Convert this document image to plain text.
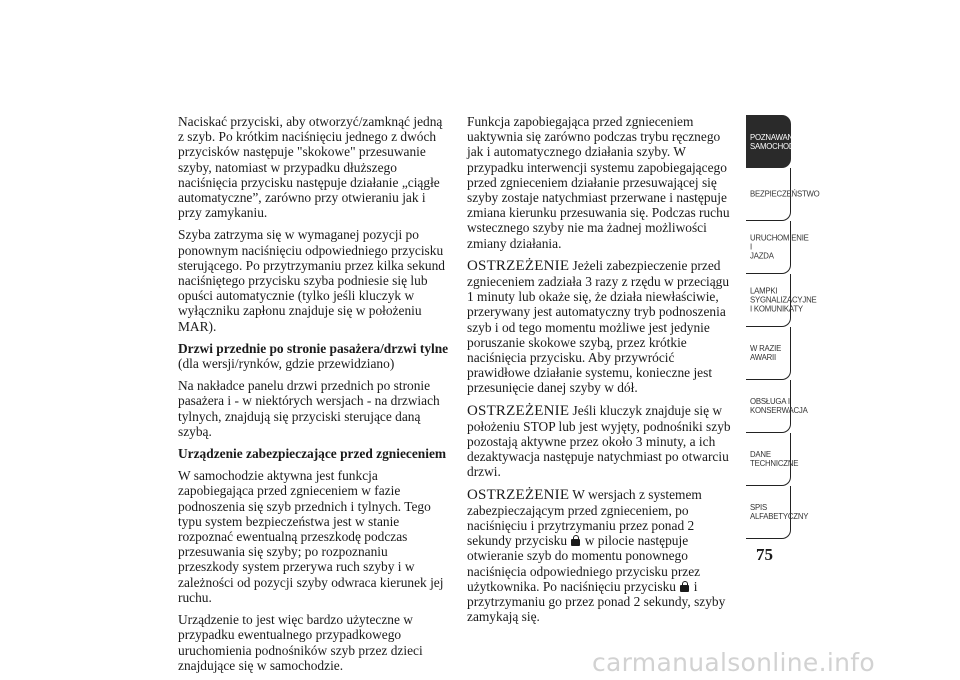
Naciskać przyciski, aby otworzyć/zamknąć jedną z szyb. Po krótkim naciśnięciu jednego z dwóch przycisków następuje "skokowe" przesuwanie szyby, natomiast w przypadku dłuższego naciśnięcia przycisku następuje działanie „ciągłe automatyczne”, zarówno przy otwieraniu jak i przy zamykaniu.

Szyba zatrzyma się w wymaganej pozycji po ponownym naciśnięciu odpowiedniego przycisku sterującego. Po przytrzymaniu przez kilka sekund naciśniętego przycisku szyba podniesie się lub opuści automatycznie (tylko jeśli kluczyk w wyłączniku zapłonu znajduje się w położeniu MAR).

Drzwi przednie po stronie pasażera/drzwi tylne

(dla wersji/rynków, gdzie przewidziano)

Na nakładce panelu drzwi przednich po stronie pasażera i - w niektórych wersjach - na drzwiach tylnych, znajdują się przyciski sterujące daną szybą.

Urządzenie zabezpieczające przed zgnieceniem

W samochodzie aktywna jest funkcja zapobiegająca przed zgnieceniem w fazie podnoszenia się szyb przednich i tylnych. Tego typu system bezpieczeństwa jest w stanie rozpoznać ewentualną przeszkodę podczas przesuwania się szyby; po rozpoznaniu przeszkody system przerywa ruch szyby i w zależności od pozycji szyby odwraca kierunek jej ruchu.

Urządzenie to jest więc bardzo użyteczne w przypadku ewentualnego przypadkowego uruchomienia podnośników szyb przez dzieci znajdujące się w samochodzie.

Funkcja zapobiegająca przed zgnieceniem uaktywnia się zarówno podczas trybu ręcznego jak i automatycznego działania szyby. W przypadku interwencji systemu zapobiegającego przed zgnieceniem działanie przesuwającej się szyby zostaje natychmiast przerwane i następuje zmiana kierunku przesuwania się. Podczas ruchu wstecznego szyby nie ma żadnej możliwości zmiany działania.

OSTRZEŻENIE Jeżeli zabezpieczenie przed zgnieceniem zadziała 3 razy z rzędu w przeciągu 1 minuty lub okaże się, że działa niewłaściwie, przerywany jest automatyczny tryb podnoszenia szyb i od tego momentu możliwe jest jedynie poruszanie skokowe szybą, przez krótkie naciśnięcia przycisku. Aby przywrócić prawidłowe działanie systemu, konieczne jest przesunięcie danej szyby w dół.

OSTRZEŻENIE Jeśli kluczyk znajduje się w położeniu STOP lub jest wyjęty, podnośniki szyb pozostają aktywne przez około 3 minuty, a ich dezaktywacja następuje natychmiast po otwarciu drzwi.

OSTRZEŻENIE W wersjach z systemem zabezpieczającym przed zgnieceniem, po naciśnięciu i przytrzymaniu przez ponad 2 sekundy przycisku w pilocie następuje otwieranie szyb do momentu ponownego naciśnięcia odpowiedniego przycisku przez użytkownika. Po naciśnięciu przycisku i przytrzymaniu go przez ponad 2 sekundy, szyby zamykają się.

POZNAWANIE
SAMOCHODU
BEZPIECZEŃSTWO
URUCHOMIENIE I
JAZDA
LAMPKI
SYGNALIZACYJNE
I KOMUNIKATY
W RAZIE AWARII
OBSŁUGA I
KONSERWACJA
DANE
TECHNICZNE
SPIS
ALFABETYCZNY
75
carmanualsonline.info
